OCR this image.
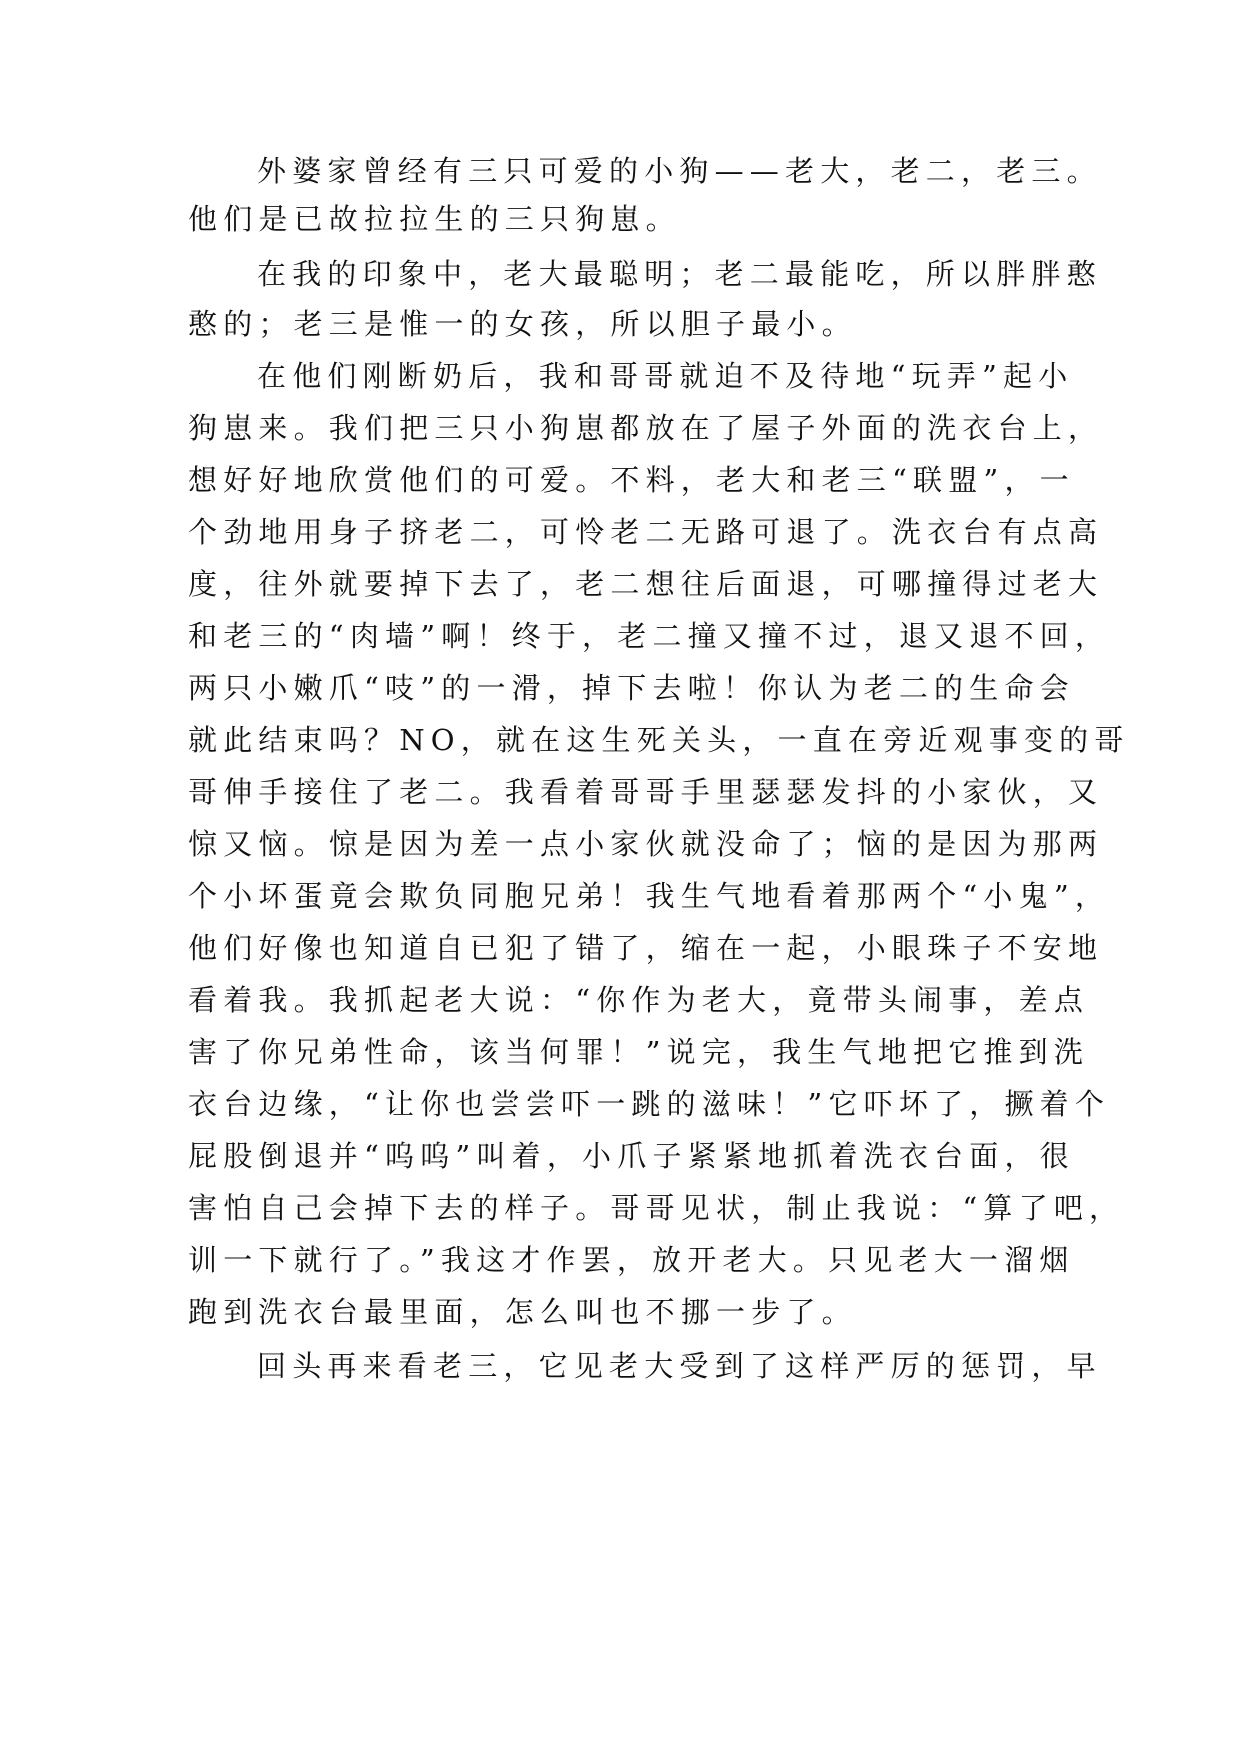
外婆家曾经有三只可爱的小狗——老大，老二，老三。
他们是已故拉拉生的三只狗崽。
在我的印象中，老大最聪明；老二最能吃，所以胖胖憨
憨的；老三是惟一的女孩，所以胆子最小。
在他们刚断奶后，我和哥哥就迫不及待地“玩弄”起小
狗崽来。我们把三只小狗崽都放在了屋子外面的洗衣台上，
想好好地欣赏他们的可爱。不料，老大和老三“联盟”，一
个劲地用身子挤老二，可怜老二无路可退了。洗衣台有点高
度，往外就要掉下去了，老二想往后面退，可哪撞得过老大
和老三的“肉墙”啊！终于，老二撞又撞不过，退又退不回，
两只小嫩爪“吱”的一滑，掉下去啦！你认为老二的生命会
就此结束吗？NO，就在这生死关头，一直在旁近观事变的哥
哥伸手接住了老二。我看着哥哥手里瑟瑟发抖的小家伙，又
惊又恼。惊是因为差一点小家伙就没命了；恼的是因为那两
个小坏蛋竟会欺负同胞兄弟！我生气地看着那两个“小鬼”，
他们好像也知道自已犯了错了，缩在一起，小眼珠子不安地
看着我。我抓起老大说：“你作为老大，竟带头闹事，差点
害了你兄弟性命，该当何罪！”说完，我生气地把它推到洗
衣台边缘，“让你也尝尝吓一跳的滋味！”它吓坏了，撅着个
屁股倒退并“呜呜”叫着，小爪子紧紧地抓着洗衣台面，很
害怕自己会掉下去的样子。哥哥见状，制止我说：“算了吧，
训一下就行了。”我这才作罢，放开老大。只见老大一溜烟
跑到洗衣台最里面，怎么叫也不挪一步了。
回头再来看老三，它见老大受到了这样严厉的惩罚，早
